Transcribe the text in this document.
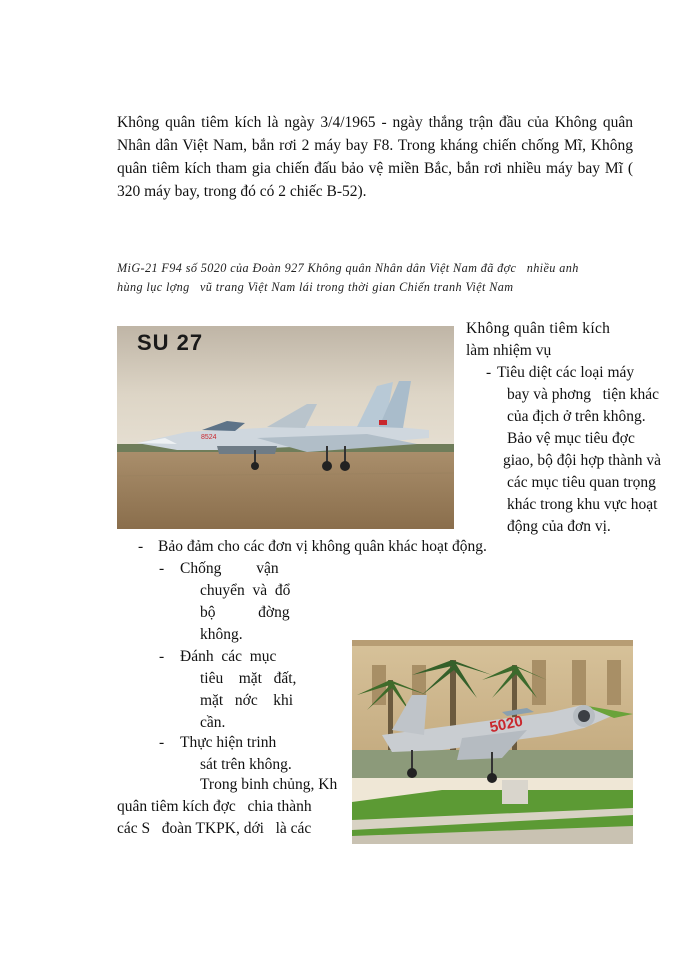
Không quân tiêm kích là ngày 3/4/1965 - ngày thắng trận đầu của Không quân Nhân dân Việt Nam, bắn rơi 2 máy bay F8. Trong kháng chiến chống Mĩ, Không quân tiêm kích tham gia chiến đấu bảo vệ miền Bắc, bắn rơi nhiều máy bay Mĩ ( 320 máy bay, trong đó có 2 chiếc B-52).
MiG-21 F94 số 5020 của Đoàn 927 Không quân Nhân dân Việt Nam đã đợc   nhiều anh
hùng lục lợng   vũ trang Việt Nam lái trong thời gian Chiến tranh Việt Nam
8524
SU 27
Không quân tiêm kích
làm nhiệm vụ
- Tiêu diệt các loại máy
bay và phơng   tiện khác
của địch ở trên không.
Bảo vệ mục tiêu đợc
giao, bộ đội hợp thành và
các mục tiêu quan trọng
khác trong khu vực hoạt
động của đơn vị.
- Bảo đảm cho các đơn vị không quân khác hoạt động.
- Chống         vận
chuyển  và  đổ
bộ           đờng
không.
- Đánh  các  mục
tiêu    mặt   đất,
mặt   nớc    khi
cần.
- Thực hiện trinh
sát trên không.
Trong binh chủng, Kh
quân tiêm kích đợc   chia thành
các S   đoàn TKPK, dới   là các
5020
